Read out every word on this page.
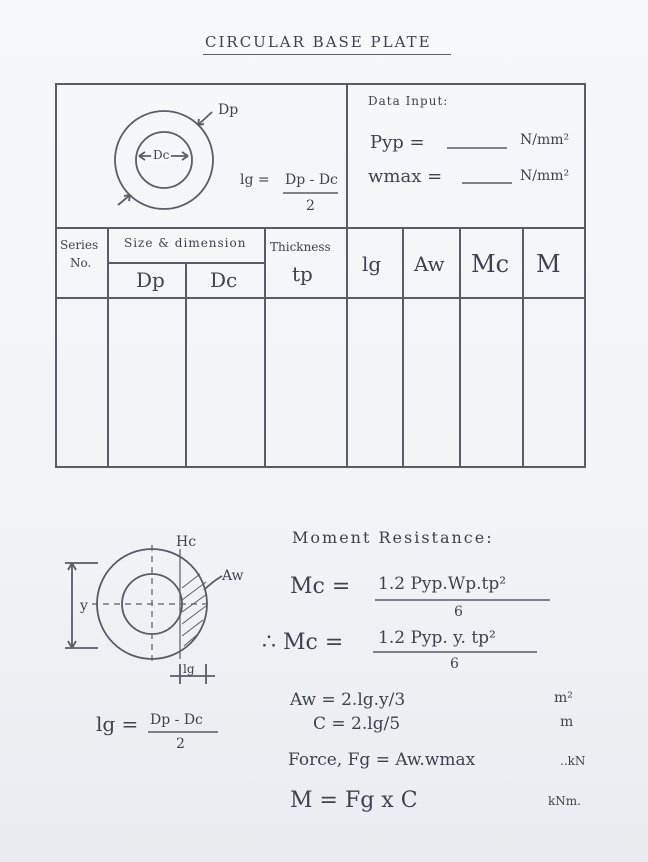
CIRCULAR BASE PLATE
Dp
Dc
lg = Dp - Dc
2
Data Input:
Pyp =	N/mm²
wmax =	N/mm²
Series
No.
Size & dimension
Dp Dc
Thickness
tp lg Aw Mc M
Hc
Aw
y
lg
lg = Dp - Dc
2
Moment Resistance:
Mc = 1.2 Pyp.Wp.tp²
6
∴ Mc = 1.2 Pyp. y. tp²
6
Aw = 2.lg.y/3	m²
C = 2.lg/5	m
Force, Fg = Aw.wmax	..kN
M = Fg x C	kNm.
